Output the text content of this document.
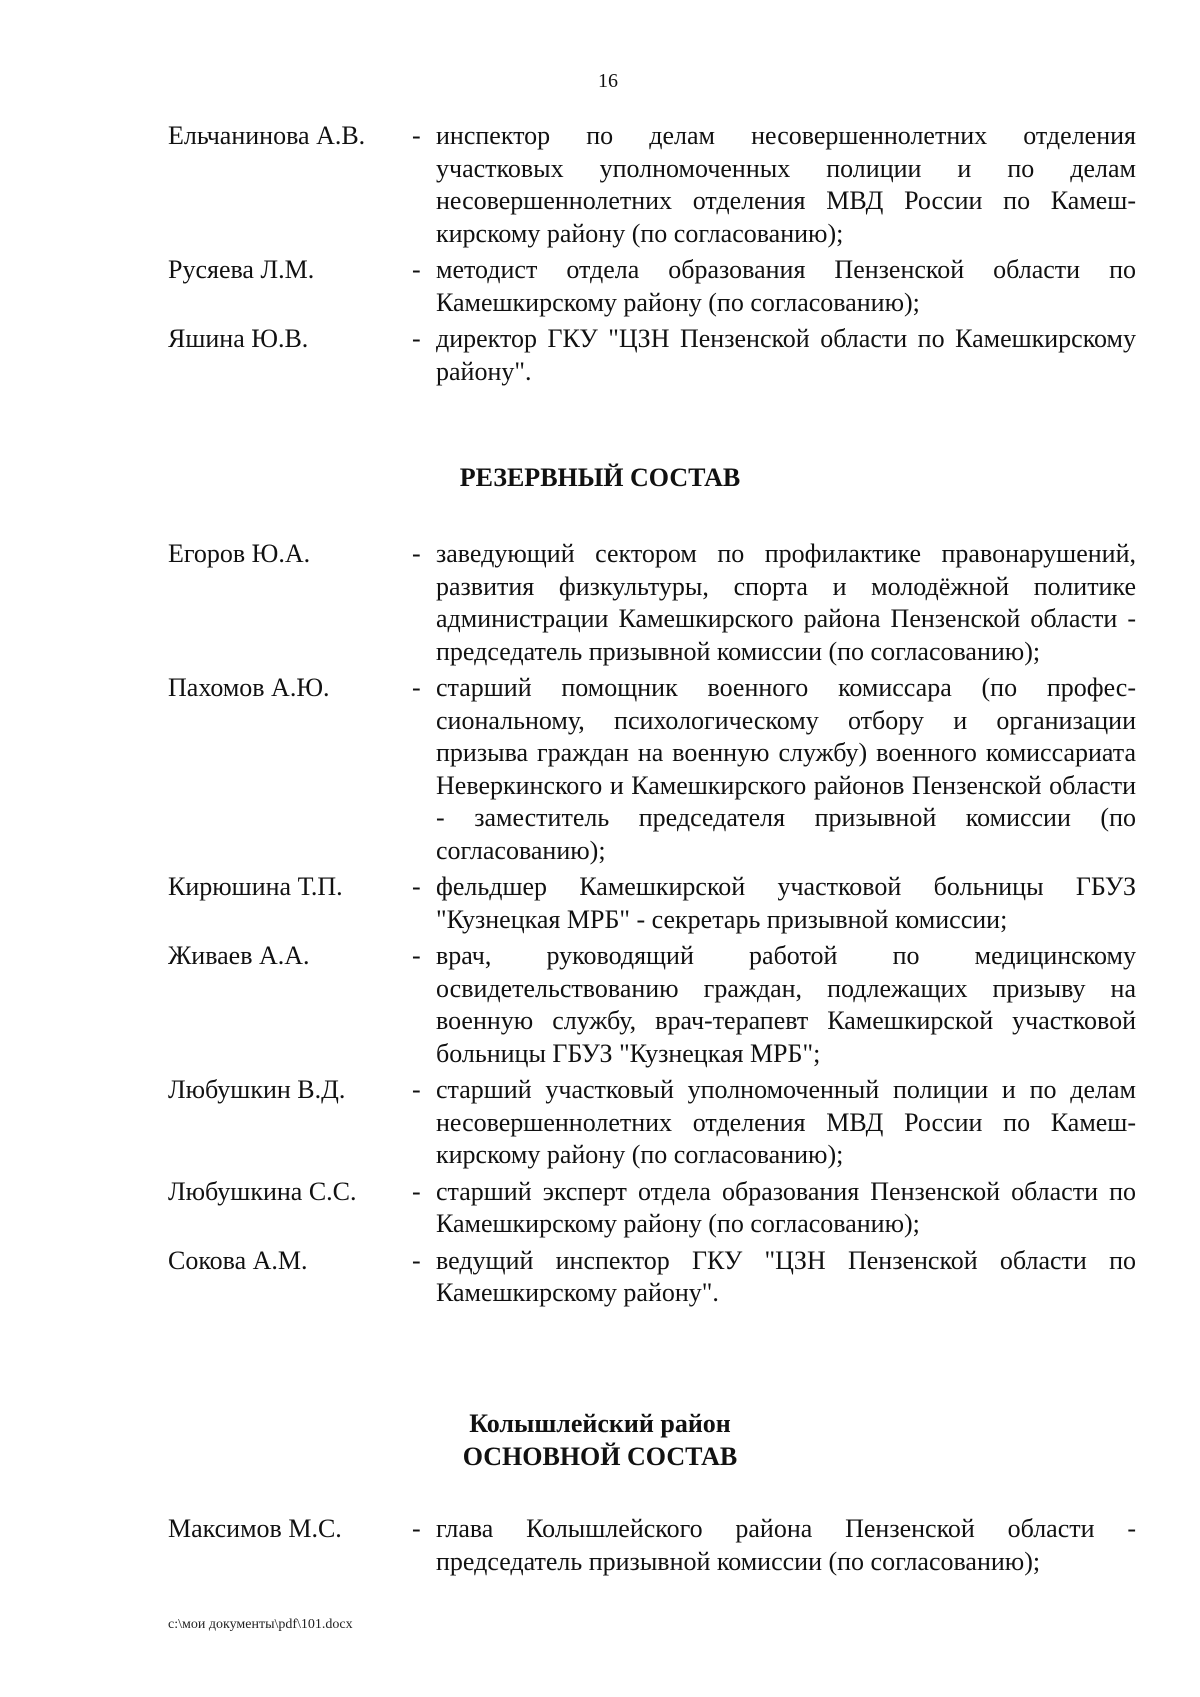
16
Ельчанинова А.В.	- инспектор по делам несовершеннолетних отделения участковых уполномоченных полиции и по делам несовершеннолетних отделения МВД России по Камешкирскому району (по согласованию);
Русяева Л.М.	- методист отдела образования Пензенской области по Камешкирскому району (по согласованию);
Яшина Ю.В.	- директор ГКУ "ЦЗН Пензенской области по Камешкирскому району".
РЕЗЕРВНЫЙ СОСТАВ
Егоров Ю.А.	- заведующий сектором по профилактике правонарушений, развития физкультуры, спорта и молодёжной политике администрации Камешкирского района Пензенской области - председатель призывной комиссии (по согласованию);
Пахомов А.Ю.	- старший помощник военного комиссара (по профессиональному, психологическому отбору и организации призыва граждан на военную службу) военного комиссариата Неверкинского и Камешкирского районов Пензенской области - заместитель председателя призывной комиссии (по согласованию);
Кирюшина Т.П.	- фельдшер Камешкирской участковой больницы ГБУЗ "Кузнецкая МРБ" - секретарь призывной комиссии;
Живаев А.А.	- врач, руководящий работой по медицинскому освидетельствованию граждан, подлежащих призыву на военную службу, врач-терапевт Камешкирской участковой больницы ГБУЗ "Кузнецкая МРБ";
Любушкин В.Д.	- старший участковый уполномоченный полиции и по делам несовершеннолетних отделения МВД России по Камешкирскому району (по согласованию);
Любушкина С.С.	- старший эксперт отдела образования Пензенской области по Камешкирскому району (по согласованию);
Сокова А.М.	- ведущий инспектор ГКУ "ЦЗН Пензенской области по Камешкирскому району".
Колышлейский район
ОСНОВНОЙ СОСТАВ
Максимов М.С.	- глава Колышлейского района Пензенской области - председатель призывной комиссии (по согласованию);
c:\мои документы\pdf\101.docx
